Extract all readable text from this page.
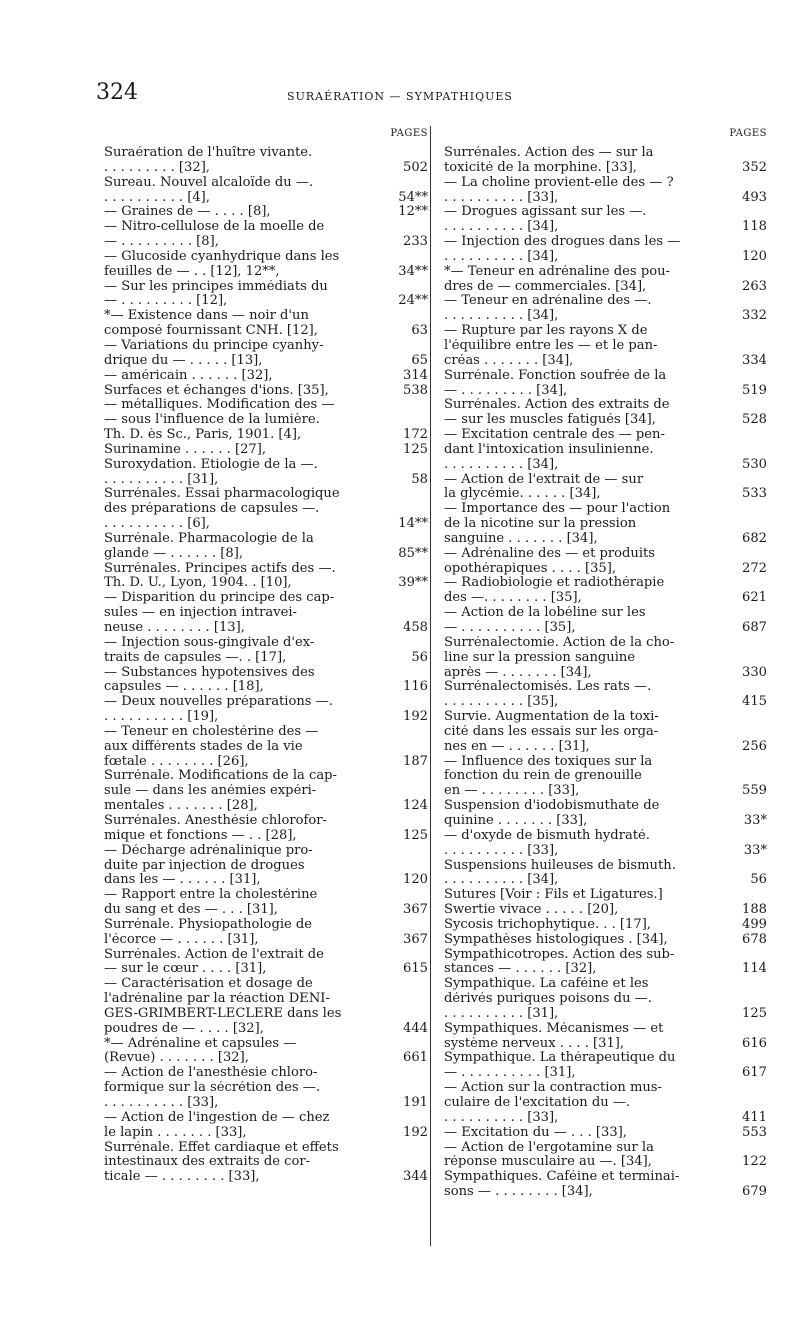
324	SURAÉRATION — SYMPATHIQUES
PAGES
Suraération de l'huître vivante.
. . . . . . . . . [32],	502
Sureau. Nouvel alcaloïde du —.
. . . . . . . . . . [4],	54**
— Graines de — . . . . [8],	12**
— Nitro-cellulose de la moelle de
— . . . . . . . . . [8],	233
— Glucoside cyanhydrique dans les
feuilles de — . . [12], 12**,	34**
— Sur les principes immédiats du
— . . . . . . . . . [12],	24**
*— Existence dans — noir d'un
composé fournissant CNH. [12],	63
— Variations du principe cyanhy-
drique du — . . . . . [13],	65
— américain . . . . . . [32],	314
Surfaces et échanges d'ions. [35],	538
— métalliques. Modification des —
— sous l'influence de la lumière.
Th. D. ès Sc., Paris, 1901. [4],	172
Surinamine . . . . . . [27],	125
Suroxydation. Étiologie de la —.
. . . . . . . . . . [31],	58
Surrénales. Essai pharmacologique
des préparations de capsules —.
. . . . . . . . . . [6],	14**
Surrénale. Pharmacologie de la
glande — . . . . . . [8],	85**
Surrénales. Principes actifs des —.
Th. D. U., Lyon, 1904. . [10],	39**
— Disparition du principe des cap-
sules — en injection intravei-
neuse . . . . . . . . [13],	458
— Injection sous-gingivale d'ex-
traits de capsules —. . [17],	56
— Substances hypotensives des
capsules — . . . . . . [18],	116
— Deux nouvelles préparations —.
. . . . . . . . . . [19],	192
— Teneur en cholestérine des —
aux différents stades de la vie
fœtale . . . . . . . . [26],	187
Surrénale. Modifications de la cap-
sule — dans les anémies expéri-
mentales . . . . . . . [28],	124
Surrénales. Anesthésie chlorofor-
mique et fonctions — . . [28],	125
— Décharge adrénalinique pro-
duite par injection de drogues
dans les — . . . . . . [31],	120
— Rapport entre la cholestérine
du sang et des — . . . [31],	367
Surrénale. Physiopathologie de
l'écorce — . . . . . . [31],	367
Surrénales. Action de l'extrait de
— sur le cœur . . . . [31],	615
— Caractérisation et dosage de
l'adrénaline par la réaction DENI-
GÈS-GRIMBERT-LECLÈRE dans les
poudres de — . . . . [32],	444
*— Adrénaline et capsules —
(Revue) . . . . . . . [32],	661
— Action de l'anesthésie chloro-
formique sur la sécrétion des —.
. . . . . . . . . . [33],	191
— Action de l'ingestion de — chez
le lapin . . . . . . . [33],	192
Surrénale. Effet cardiaque et effets
intestinaux des extraits de cor-
ticale — . . . . . . . . [33],	344
PAGES
Surrénales. Action des — sur la
toxicité de la morphine. [33],	352
— La choline provient-elle des — ?
. . . . . . . . . . [33],	493
— Drogues agissant sur les —.
. . . . . . . . . . [34],	118
— Injection des drogues dans les —
. . . . . . . . . . [34],	120
*— Teneur en adrénaline des pou-
dres de — commerciales. [34],	263
— Teneur en adrénaline des —.
. . . . . . . . . . [34],	332
— Rupture par les rayons X de
l'équilibre entre les — et le pan-
créas . . . . . . . [34],	334
Surrénale. Fonction soufrée de la
— . . . . . . . . . [34],	519
Surrénales. Action des extraits de
— sur les muscles fatigués [34],	528
— Excitation centrale des — pen-
dant l'intoxication insulinienne.
. . . . . . . . . . [34],	530
— Action de l'extrait de — sur
la glycémie. . . . . . [34],	533
— Importance des — pour l'action
de la nicotine sur la pression
sanguine . . . . . . . [34],	682
— Adrénaline des — et produits
opothérapiques . . . . [35],	272
— Radiobiologie et radiothérapie
des —. . . . . . . . [35],	621
— Action de la lobéline sur les
— . . . . . . . . . . [35],	687
Surrénalectomie. Action de la cho-
line sur la pression sanguine
après — . . . . . . . [34],	330
Surrénalectomisés. Les rats —.
. . . . . . . . . . [35],	415
Survie. Augmentation de la toxi-
cité dans les essais sur les orga-
nes en — . . . . . . [31],	256
— Influence des toxiques sur la
fonction du rein de grenouille
en — . . . . . . . . [33],	559
Suspension d'iodobismuthate de
quinine . . . . . . . [33],	33*
— d'oxyde de bismuth hydraté.
. . . . . . . . . . [33],	33*
Suspensions huileuses de bismuth.
. . . . . . . . . . [34],	56
Sutures [Voir : Fils et Ligatures.]
Swertie vivace . . . . . [20],	188
Sycosis trichophytique. . . [17],	499
Sympathèses histologiques . [34],	678
Sympathicotropes. Action des sub-
stances — . . . . . . [32],	114
Sympathique. La caféine et les
dérivés puriques poisons du —.
. . . . . . . . . . [31],	125
Sympathiques. Mécanismes — et
système nerveux . . . . [31],	616
Sympathique. La thérapeutique du
— . . . . . . . . . . [31],	617
— Action sur la contraction mus-
culaire de l'excitation du —.
. . . . . . . . . . [33],	411
— Excitation du — . . . [33],	553
— Action de l'ergotamine sur la
réponse musculaire au —. [34],	122
Sympathiques. Caféine et terminai-
sons — . . . . . . . . [34],	679
